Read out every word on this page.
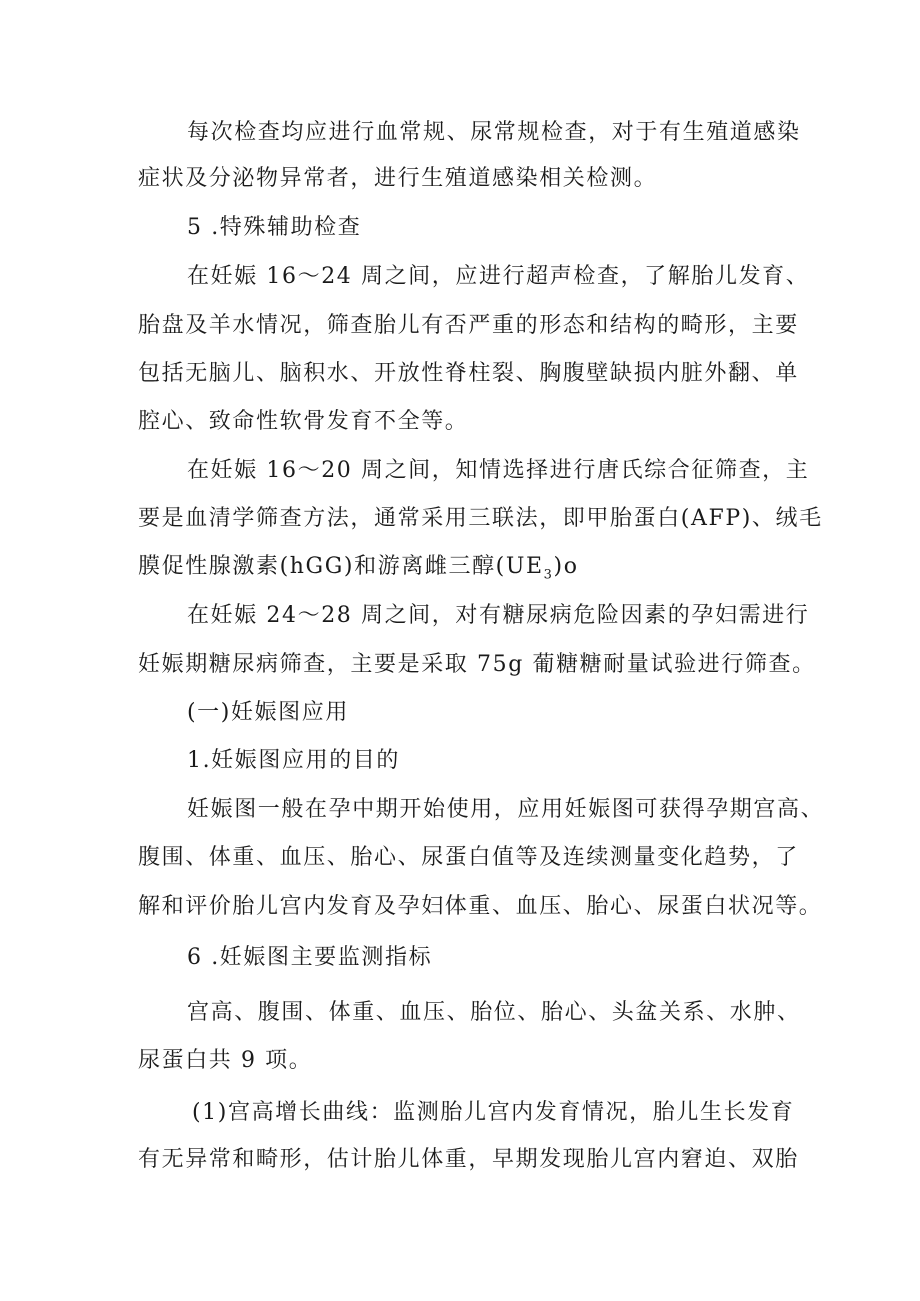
每次检查均应进行血常规、尿常规检查，对于有生殖道感染
症状及分泌物异常者，进行生殖道感染相关检测。
5 .特殊辅助检查
在妊娠 16～24 周之间，应进行超声检查，了解胎儿发育、
胎盘及羊水情况，筛查胎儿有否严重的形态和结构的畸形，主要
包括无脑儿、脑积水、开放性脊柱裂、胸腹壁缺损内脏外翻、单
腔心、致命性软骨发育不全等。
在妊娠 16～20 周之间，知情选择进行唐氏综合征筛查，主
要是血清学筛查方法，通常采用三联法，即甲胎蛋白(AFP)、绒毛
膜促性腺激素(hGG)和游离雌三醇$(UE_3)o$
在妊娠 24～28 周之间，对有糖尿病危险因素的孕妇需进行
妊娠期糖尿病筛查，主要是采取 75g 葡糖糖耐量试验进行筛查。
(一)妊娠图应用
1.妊娠图应用的目的
妊娠图一般在孕中期开始使用，应用妊娠图可获得孕期宫高、
腹围、体重、血压、胎心、尿蛋白值等及连续测量变化趋势，了
解和评价胎儿宫内发育及孕妇体重、血压、胎心、尿蛋白状况等。
6 .妊娠图主要监测指标
宫高、腹围、体重、血压、胎位、胎心、头盆关系、水肿、
尿蛋白共 9 项。
(1)宫高增长曲线：监测胎儿宫内发育情况，胎儿生长发育
有无异常和畸形，估计胎儿体重，早期发现胎儿宫内窘迫、双胎
